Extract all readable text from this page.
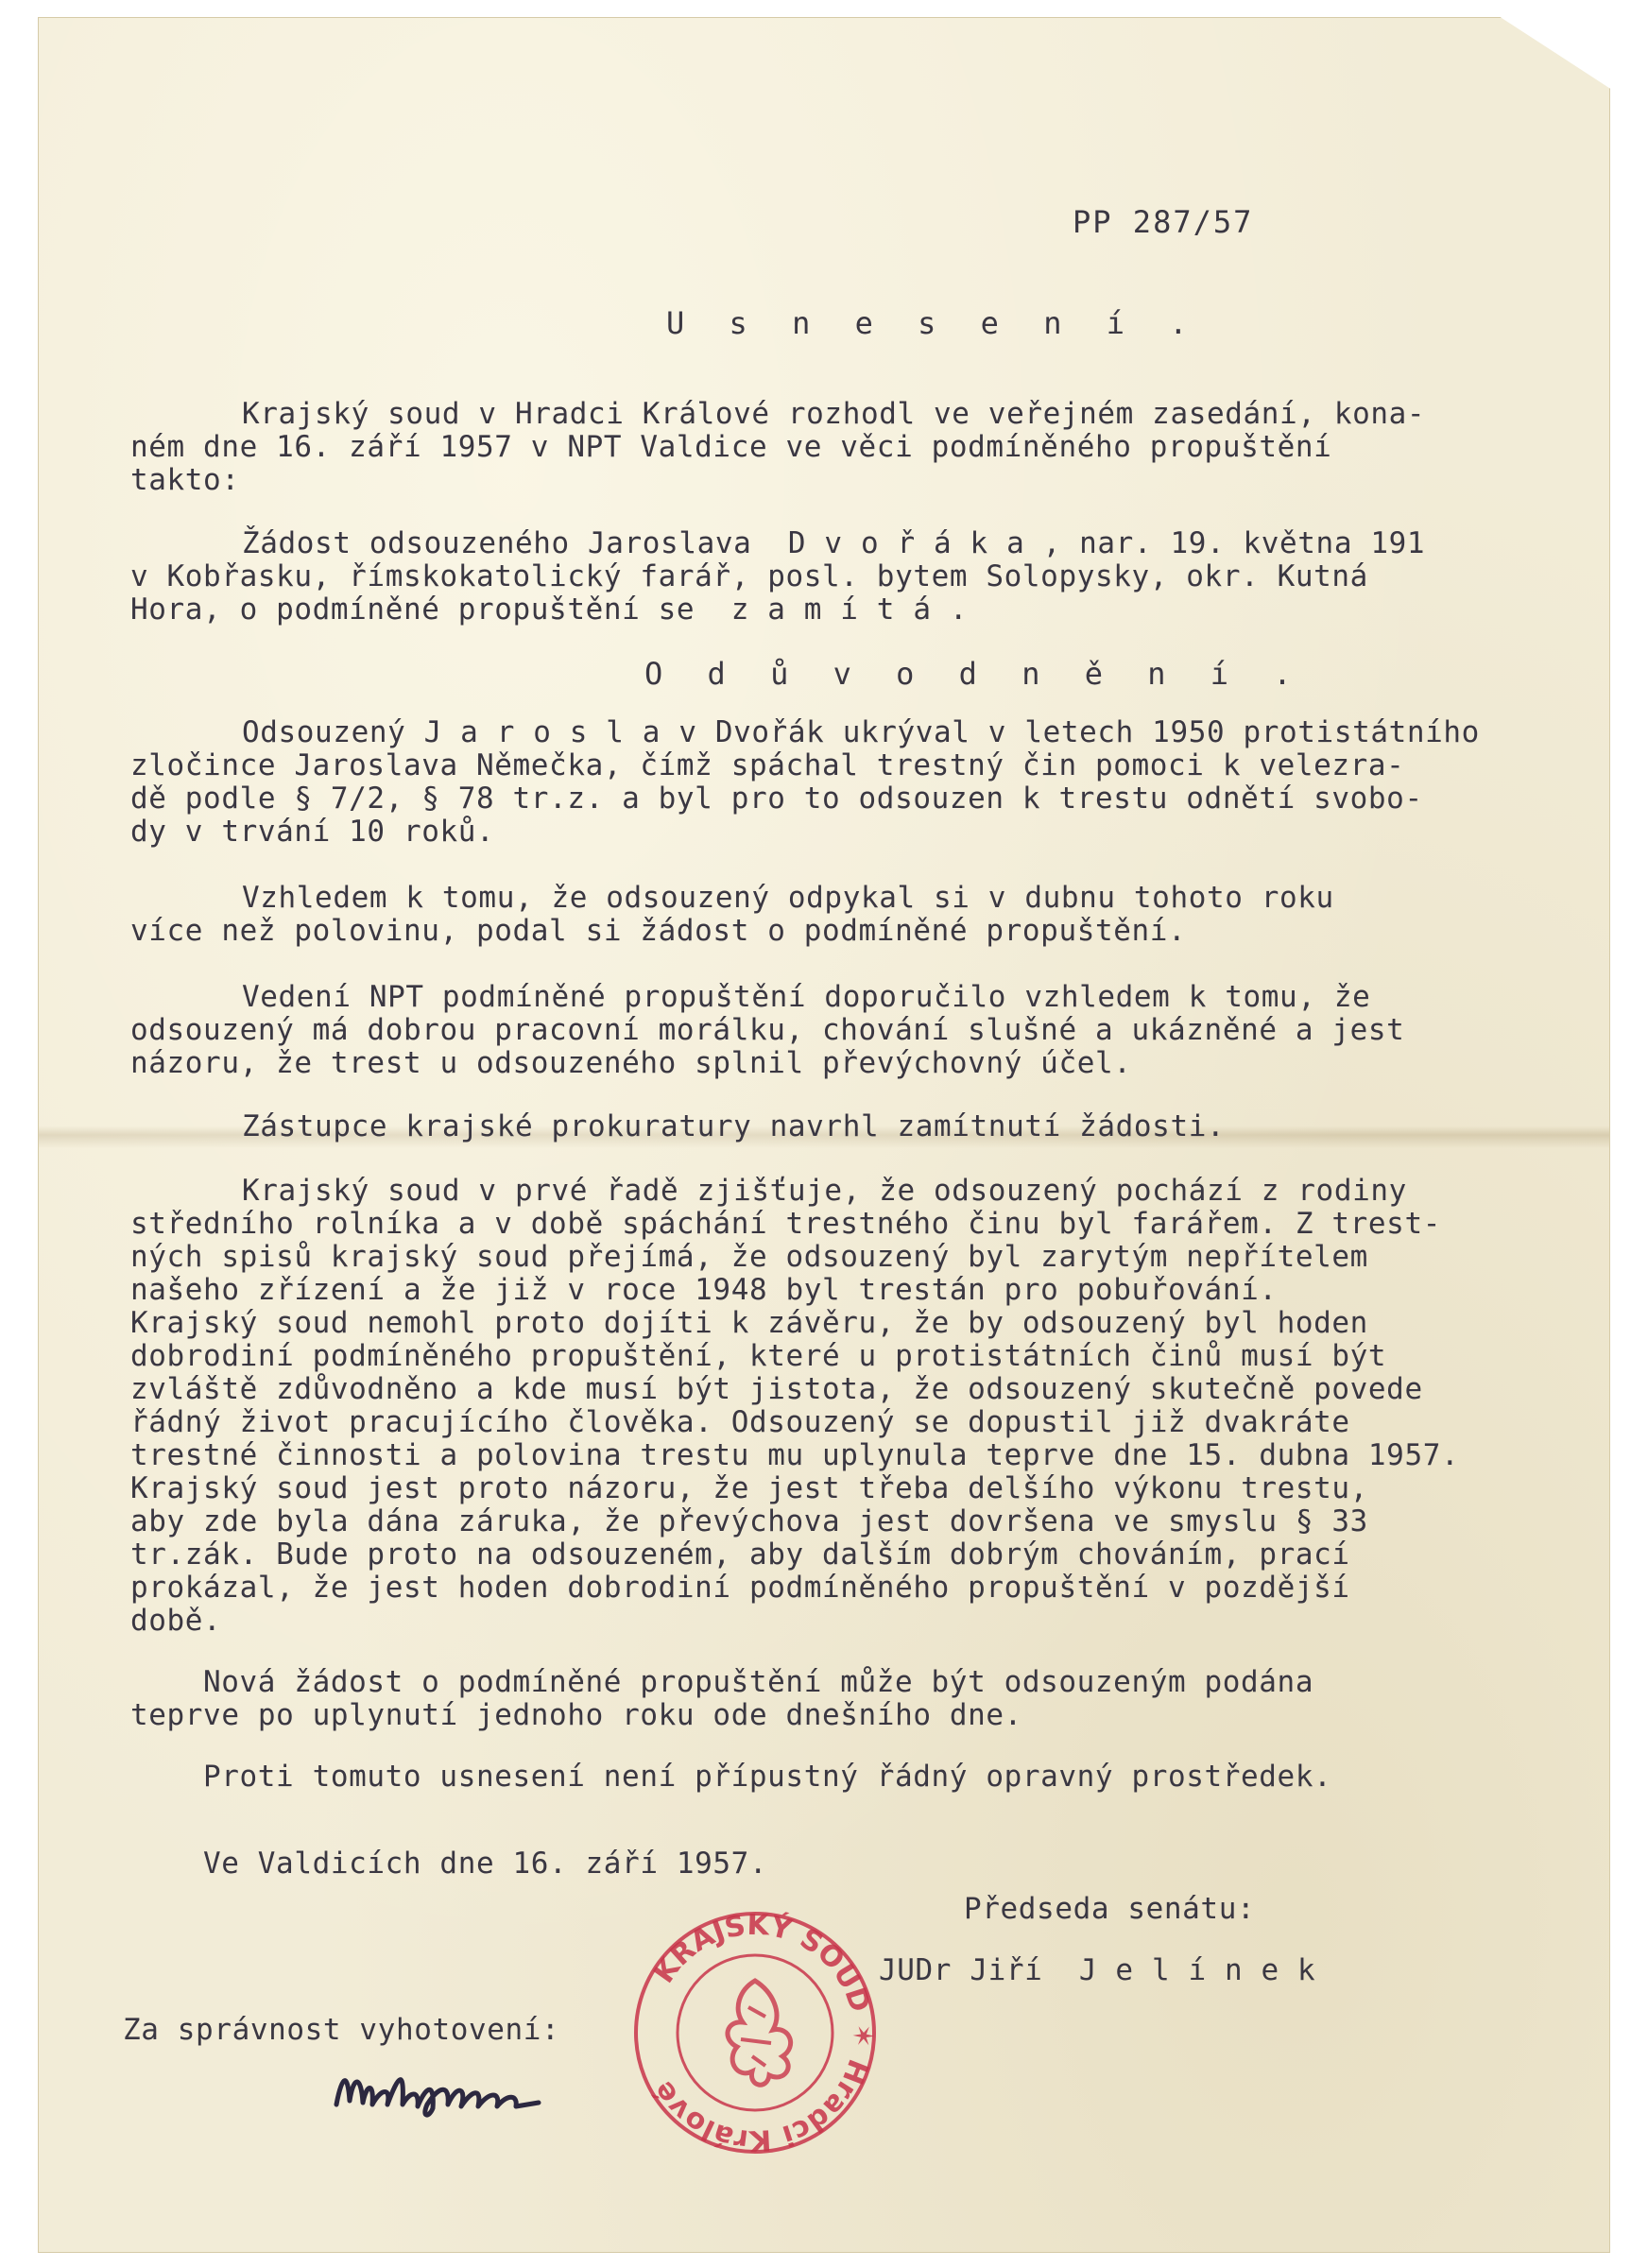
PP 287/57
U s n e s e n í .
Krajský soud v Hradci Králové rozhodl ve veřejném zasedání, kona-
ném dne 16. září 1957 v NPT Valdice ve věci podmíněného propuštění
takto:
Žádost odsouzeného Jaroslava  D v o ř á k a , nar. 19. května 191
v Kobřasku, římskokatolický farář, posl. bytem Solopysky, okr. Kutná
Hora, o podmíněné propuštění se  z a m í t á .
O d ů v o d n ě n í .
Odsouzený J a r o s l a v Dvořák ukrýval v letech 1950 protistátního
zločince Jaroslava Němečka, čímž spáchal trestný čin pomoci k velezra-
dě podle § 7/2, § 78 tr.z. a byl pro to odsouzen k trestu odnětí svobo-
dy v trvání 10 roků.
Vzhledem k tomu, že odsouzený odpykal si v dubnu tohoto roku
více než polovinu, podal si žádost o podmíněné propuštění.
Vedení NPT podmíněné propuštění doporučilo vzhledem k tomu, že
odsouzený má dobrou pracovní morálku, chování slušné a ukázněné a jest
názoru, že trest u odsouzeného splnil převýchovný účel.
Zástupce krajské prokuratury navrhl zamítnutí žádosti.
Krajský soud v prvé řadě zjišťuje, že odsouzený pochází z rodiny
středního rolníka a v době spáchání trestného činu byl farářem. Z trest-
ných spisů krajský soud přejímá, že odsouzený byl zarytým nepřítelem
našeho zřízení a že již v roce 1948 byl trestán pro pobuřování.
Krajský soud nemohl proto dojíti k závěru, že by odsouzený byl hoden
dobrodiní podmíněného propuštění, které u protistátních činů musí být
zvláště zdůvodněno a kde musí být jistota, že odsouzený skutečně povede
řádný život pracujícího člověka. Odsouzený se dopustil již dvakráte
trestné činnosti a polovina trestu mu uplynula teprve dne 15. dubna 1957.
Krajský soud jest proto názoru, že jest třeba delšího výkonu trestu,
aby zde byla dána záruka, že převýchova jest dovršena ve smyslu § 33
tr.zák. Bude proto na odsouzeném, aby dalším dobrým chováním, prací
prokázal, že jest hoden dobrodiní podmíněného propuštění v pozdější
době.
Nová žádost o podmíněné propuštění může být odsouzeným podána
teprve po uplynutí jednoho roku ode dnešního dne.
Proti tomuto usnesení není přípustný řádný opravný prostředek.
Ve Valdicích dne 16. září 1957.
Předseda senátu:
JUDr Jiří  J e l í n e k
Za správnost vyhotovení:
KRAJSKÝ SOUD ✶ Hradci Králové
